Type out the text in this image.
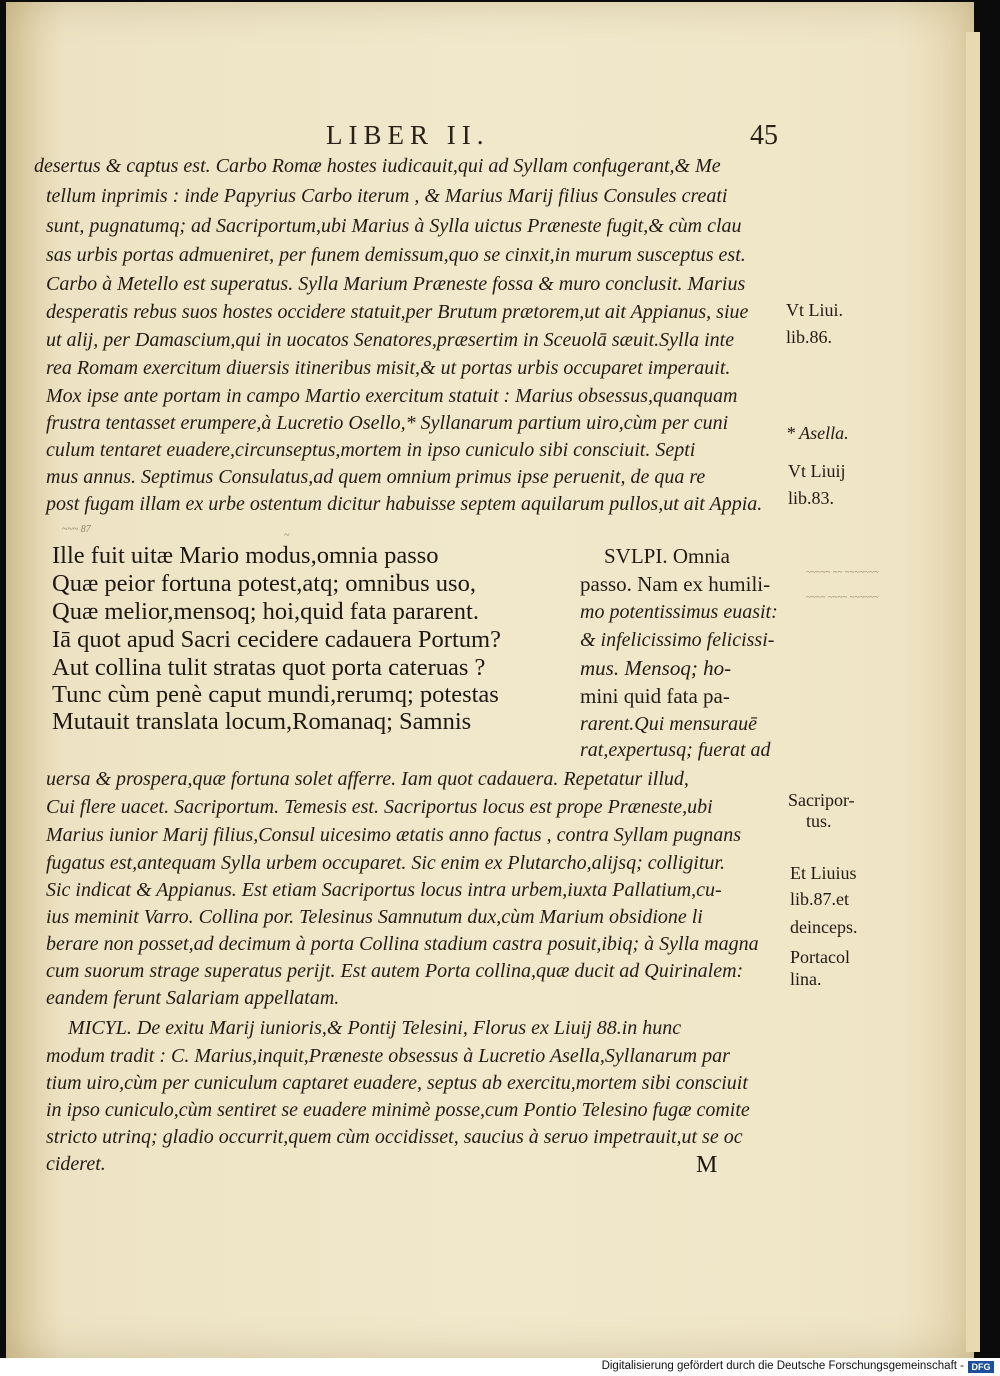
LIBER II.	45
desertus & captus est. Carbo Romæ hostes iudicauit,qui ad Syllam confugerant,& Me
tellum inprimis : inde Papyrius Carbo iterum , & Marius Marij filius Consules creati
sunt, pugnatumq; ad Sacriportum,ubi Marius à Sylla uictus Præneste fugit,& cùm clau
sas urbis portas admueniret, per funem demissum,quo se cinxit,in murum susceptus est.
Carbo à Metello est superatus. Sylla Marium Præneste fossa & muro conclusit. Marius
desperatis rebus suos hostes occidere statuit,per Brutum prætorem,ut ait Appianus, siue
ut alij, per Damascium,qui in uocatos Senatores,præsertim in Sceuolā sæuit.Sylla inte
rea Romam exercitum diuersis itineribus misit,& ut portas urbis occuparet imperauit.
Mox ipse ante portam in campo Martio exercitum statuit : Marius obsessus,quanquam
frustra tentasset erumpere,à Lucretio Osello,* Syllanarum partium uiro,cùm per cuni
culum tentaret euadere,circunseptus,mortem in ipso cuniculo sibi consciuit. Septi
mus annus. Septimus Consulatus,ad quem omnium primus ipse peruenit, de qua re
post fugam illam ex urbe ostentum dicitur habuisse septem aquilarum pullos,ut ait Appia.
Vt Liui.
lib.86.
* Asella.
Vt Liuij
lib.83.
~~~ 87
~
~~~~~ ~~ ~~~~~~~
~~~~ ~~~~ ~~~~~~
Ille fuit uitæ Mario modus,omnia passo
Quæ peior fortuna potest,atq; omnibus uso,
Quæ melior,mensoq; hoi,quid fata pararent.
Iā quot apud Sacri cecidere cadauera Portum?
Aut collina tulit stratas quot porta cateruas ?
Tunc cùm penè caput mundi,rerumq; potestas
Mutauit translata locum,Romanaq; Samnis
SVLPI. Omnia
passo. Nam ex humili-
mo potentissimus euasit:
& infelicissimo felicissi-
mus. Mensoq; ho-
mini quid fata pa-
rarent.Qui mensurauē
rat,expertusq; fuerat ad
uersa & prospera,quæ fortuna solet afferre. Iam quot cadauera. Repetatur illud,
Cui flere uacet. Sacriportum. Temesis est. Sacriportus locus est prope Præneste,ubi
Marius iunior Marij filius,Consul uicesimo ætatis anno factus , contra Syllam pugnans
fugatus est,antequam Sylla urbem occuparet. Sic enim ex Plutarcho,alijsq; colligitur.
Sic indicat & Appianus. Est etiam Sacriportus locus intra urbem,iuxta Pallatium,cu-
ius meminit Varro. Collina por. Telesinus Samnutum dux,cùm Marium obsidione li
berare non posset,ad decimum à porta Collina stadium castra posuit,ibiq; à Sylla magna
cum suorum strage superatus perijt. Est autem Porta collina,quæ ducit ad Quirinalem:
eandem ferunt Salariam appellatam.
MICYL. De exitu Marij iunioris,& Pontij Telesini, Florus ex Liuij 88.in hunc
modum tradit : C. Marius,inquit,Præneste obsessus à Lucretio Asella,Syllanarum par
tium uiro,cùm per cuniculum captaret euadere, septus ab exercitu,mortem sibi consciuit
in ipso cuniculo,cùm sentiret se euadere minimè posse,cum Pontio Telesino fugæ comite
stricto utrinq; gladio occurrit,quem cùm occidisset, saucius à seruo impetrauit,ut se oc
cideret.
Sacripor-
tus.
Et Liuius
lib.87.et
deinceps.
Portacol
lina.
M
Digitalisierung gefördert durch die Deutsche Forschungsgemeinschaft - DFG
